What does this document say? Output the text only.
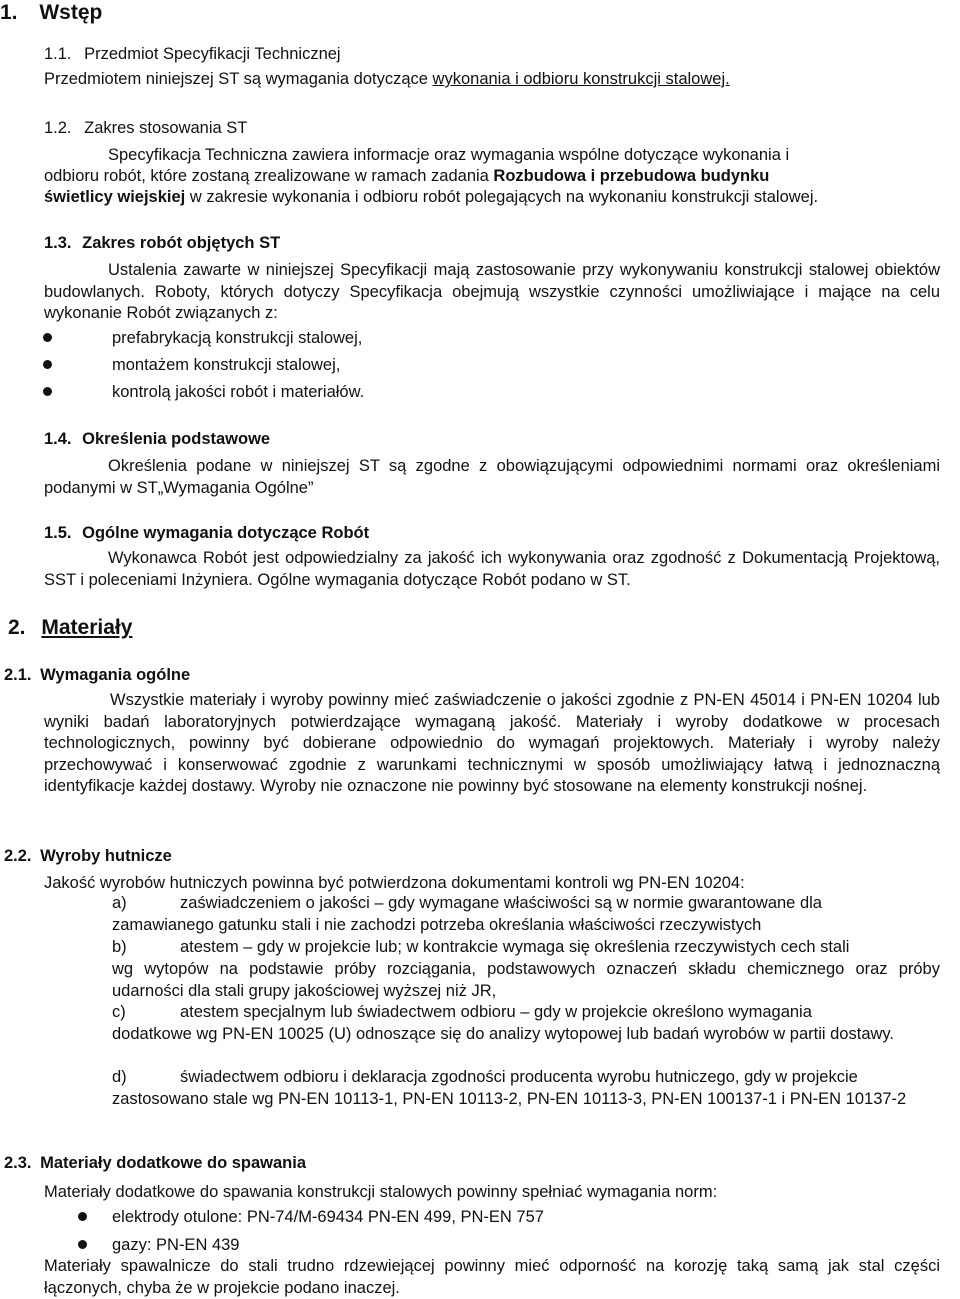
1. Wstęp
1.1. Przedmiot Specyfikacji Technicznej
Przedmiotem niniejszej ST są wymagania dotyczące wykonania i odbioru konstrukcji stalowej.
1.2. Zakres stosowania ST
Specyfikacja Techniczna zawiera informacje oraz wymagania wspólne dotyczące wykonania i
odbioru robót, które zostaną zrealizowane w ramach zadania Rozbudowa i przebudowa budynku
świetlicy wiejskiej w zakresie wykonania i odbioru robót polegających na wykonaniu konstrukcji stalowej.
1.3. Zakres robót objętych ST
Ustalenia zawarte w niniejszej Specyfikacji mają zastosowanie przy wykonywaniu konstrukcji stalowej obiektów budowlanych. Roboty, których dotyczy Specyfikacja obejmują wszystkie czynności umożliwiające i mające na celu wykonanie Robót związanych z:
prefabrykacją konstrukcji stalowej,
montażem konstrukcji stalowej,
kontrolą jakości robót i materiałów.
1.4. Określenia podstawowe
Określenia podane w niniejszej ST są zgodne z obowiązującymi odpowiednimi normami oraz określeniami podanymi w ST„Wymagania Ogólne”
1.5. Ogólne wymagania dotyczące Robót
Wykonawca Robót jest odpowiedzialny za jakość ich wykonywania oraz zgodność z Dokumentacją Projektową, SST i poleceniami Inżyniera. Ogólne wymagania dotyczące Robót podano w ST.
2. Materiały
2.1. Wymagania ogólne
Wszystkie materiały i wyroby powinny mieć zaświadczenie o jakości zgodnie z PN-EN 45014 i PN-EN 10204 lub wyniki badań laboratoryjnych potwierdzające wymaganą jakość. Materiały i wyroby dodatkowe w procesach technologicznych, powinny być dobierane odpowiednio do wymagań projektowych. Materiały i wyroby należy przechowywać i konserwować zgodnie z warunkami technicznymi w sposób umożliwiający łatwą i jednoznaczną identyfikacje każdej dostawy. Wyroby nie oznaczone nie powinny być stosowane na elementy konstrukcji nośnej.
2.2. Wyroby hutnicze
Jakość wyrobów hutniczych powinna być potwierdzona dokumentami kontroli wg PN-EN 10204:
a)	zaświadczeniem o jakości – gdy wymagane właściwości są w normie gwarantowane dla
zamawianego gatunku stali i nie zachodzi potrzeba określania właściwości rzeczywistych
b)	atestem – gdy w projekcie lub; w kontrakcie wymaga się określenia rzeczywistych cech stali
wg wytopów na podstawie próby rozciągania, podstawowych oznaczeń składu chemicznego oraz próby udarności dla stali grupy jakościowej wyższej niż JR,
c)	atestem specjalnym lub świadectwem odbioru – gdy w projekcie określono wymagania
dodatkowe wg PN-EN 10025 (U) odnoszące się do analizy wytopowej lub badań wyrobów w partii dostawy.
d)	świadectwem odbioru i deklaracja zgodności producenta wyrobu hutniczego, gdy w projekcie
zastosowano stale wg PN-EN 10113-1, PN-EN 10113-2, PN-EN 10113-3, PN-EN 100137-1 i PN-EN 10137-2
2.3. Materiały dodatkowe do spawania
Materiały dodatkowe do spawania konstrukcji stalowych powinny spełniać wymagania norm:
elektrody otulone: PN-74/M-69434 PN-EN 499, PN-EN 757
gazy: PN-EN 439
Materiały spawalnicze do stali trudno rdzewiejącej powinny mieć odporność na korozję taką samą jak stal części łączonych, chyba że w projekcie podano inaczej.
